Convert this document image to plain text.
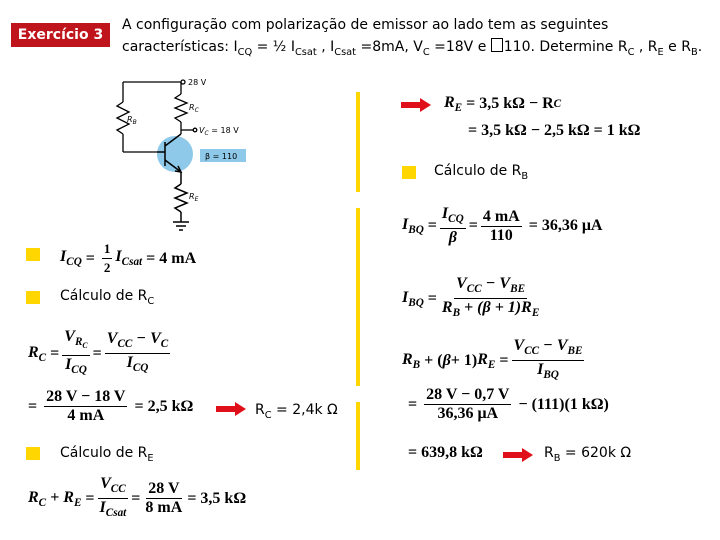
Exercício 3
A configuração com polarização de emissor ao lado tem as seguintes
características: $I_{CQ}$ = ½ $I_{Csat}$ , $I_{Csat} =8mA$, $V_C =18V$ e 110. Determine $R_C$ , $R_E$ e $R_B$.
28 V
$R_C$
$R_B$
$R_E$
$V_C = 18$ V
β = 110
$I_{CQ} = \frac{1}{2} I_{Csat}$
= 4 mA
Cálculo de $R_C$
$R_C = \frac{V_{R_C}}{I_{CQ}} = \frac{V_{CC} - V_C}{I_{CQ}}$
= $\frac{28 V - 18 V}{4 mA}$
= 2,5 kΩ	$R_C = 2,4k$ Ω
Cálculo de $R_E$
$R_C + R_E = \frac{V_{CC}}{I_{Csat}} = \frac{28 V}{8 mA} = 3,5$ kΩ
$R_E$
= 3,5 kΩ − R C
= 3,5 kΩ − 2,5 kΩ = 1 kΩ
Cálculo de $R_B$
$I_{BQ} = \frac{I_{CQ}}{\beta} = \frac{4 mA}{110}$
= 36,36 μA
$I_{BQ} = \frac{V_{CC} - V_{BE}}{R_B + (\beta + 1)R_E}$
$R_B$ + ( β + 1) $R_E = \frac{V_{CC} - V_{BE}}{I_{BQ}}$
= $\frac{28 V - 0,7 V}{36,36 \mu A}$
− (111)(1 kΩ)
= 639,8 kΩ	$R_B = 620k$ Ω
